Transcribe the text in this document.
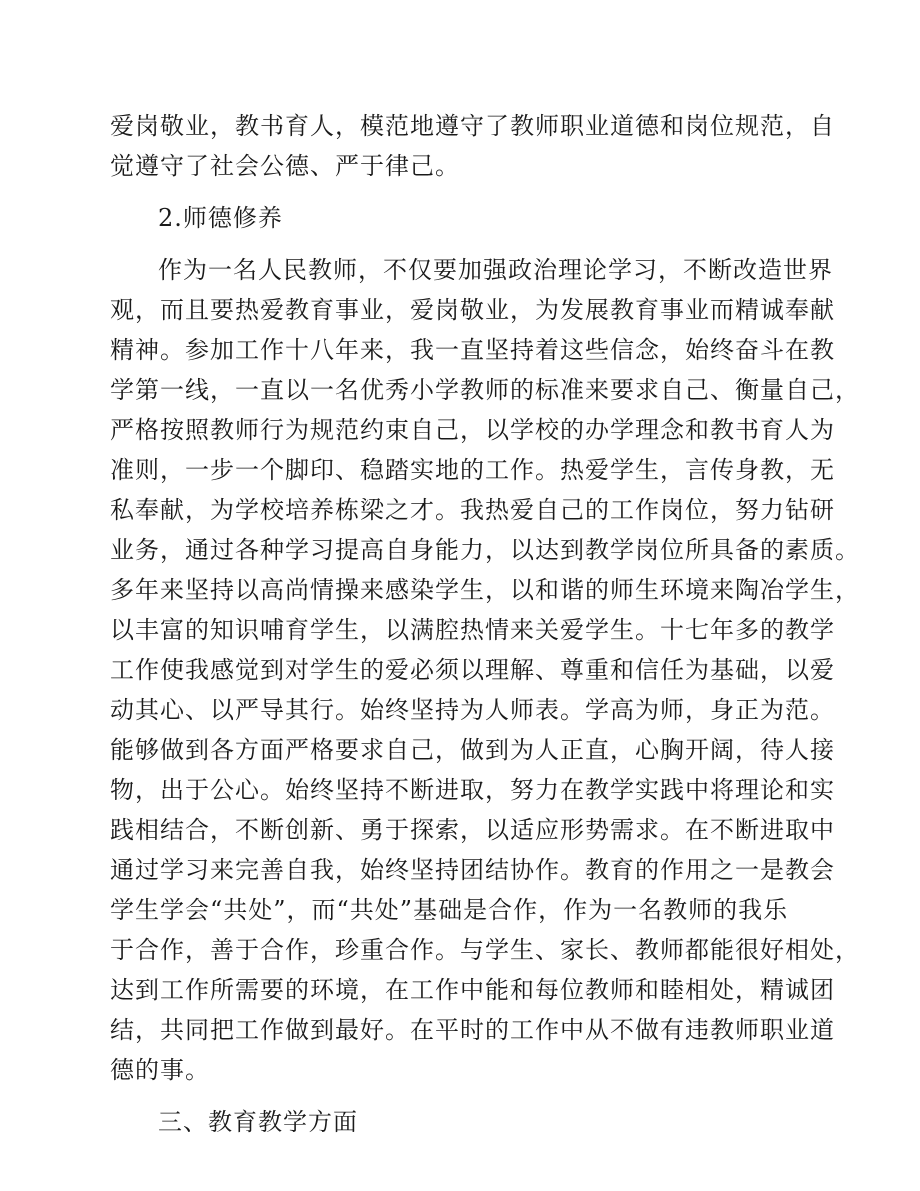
爱岗敬业，教书育人，模范地遵守了教师职业道德和岗位规范，自
觉遵守了社会公德、严于律己。
2.师德修养
作为一名人民教师，不仅要加强政治理论学习，不断改造世界
观，而且要热爱教育事业，爱岗敬业，为发展教育事业而精诚奉献
精神。参加工作十八年来，我一直坚持着这些信念，始终奋斗在教
学第一线，一直以一名优秀小学教师的标准来要求自己、衡量自己，
严格按照教师行为规范约束自己，以学校的办学理念和教书育人为
准则，一步一个脚印、稳踏实地的工作。热爱学生，言传身教，无
私奉献，为学校培养栋梁之才。我热爱自己的工作岗位，努力钻研
业务，通过各种学习提高自身能力，以达到教学岗位所具备的素质。
多年来坚持以高尚情操来感染学生，以和谐的师生环境来陶冶学生，
以丰富的知识哺育学生，以满腔热情来关爱学生。十七年多的教学
工作使我感觉到对学生的爱必须以理解、尊重和信任为基础，以爱
动其心、以严导其行。始终坚持为人师表。学高为师，身正为范。
能够做到各方面严格要求自己，做到为人正直，心胸开阔，待人接
物，出于公心。始终坚持不断进取，努力在教学实践中将理论和实
践相结合，不断创新、勇于探索，以适应形势需求。在不断进取中
通过学习来完善自我，始终坚持团结协作。教育的作用之一是教会
学生学会“共处”，而“共处”基础是合作，作为一名教师的我乐
于合作，善于合作，珍重合作。与学生、家长、教师都能很好相处，
达到工作所需要的环境，在工作中能和每位教师和睦相处，精诚团
结，共同把工作做到最好。在平时的工作中从不做有违教师职业道
德的事。
三、教育教学方面
